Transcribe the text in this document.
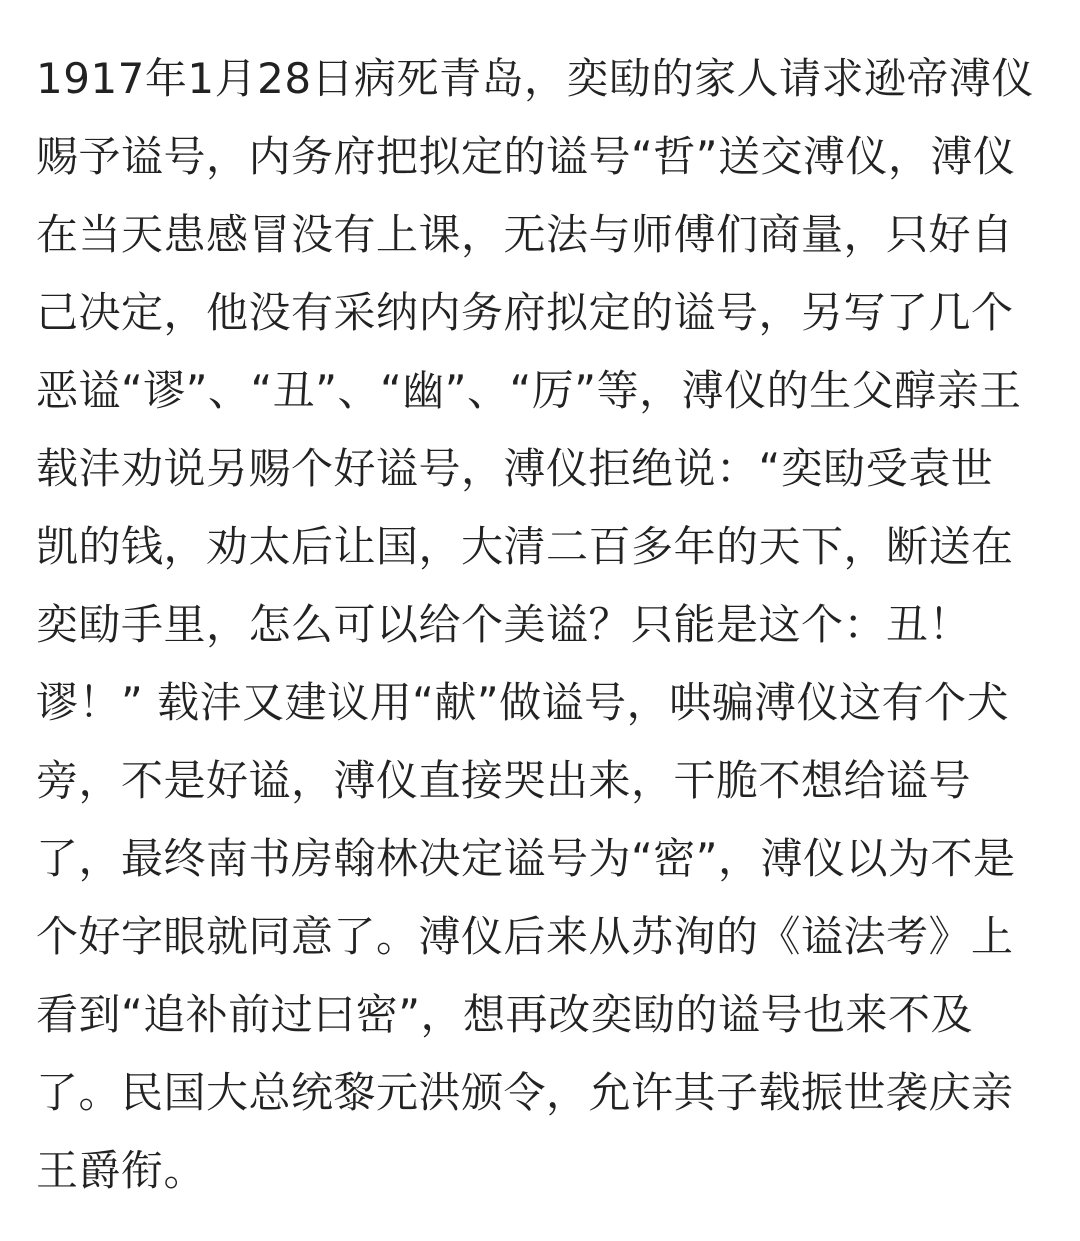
1917年1月28日病死青岛，奕劻的家人请求逊帝溥仪
赐予谥号，内务府把拟定的谥号“哲”送交溥仪，溥仪
在当天患感冒没有上课，无法与师傅们商量，只好自
己决定，他没有采纳内务府拟定的谥号，另写了几个
恶谥“谬”、“丑”、“幽”、“厉”等，溥仪的生父醇亲王
载沣劝说另赐个好谥号，溥仪拒绝说：“奕劻受袁世
凯的钱，劝太后让国，大清二百多年的天下，断送在
奕劻手里，怎么可以给个美谥？只能是这个：丑！
谬！” 载沣又建议用“献”做谥号，哄骗溥仪这有个犬
旁，不是好谥，溥仪直接哭出来，干脆不想给谥号
了，最终南书房翰林决定谥号为“密”，溥仪以为不是
个好字眼就同意了。溥仪后来从苏洵的《谥法考》上
看到“追补前过曰密”，想再改奕劻的谥号也来不及
了。民国大总统黎元洪颁令，允许其子载振世袭庆亲
王爵衔。
